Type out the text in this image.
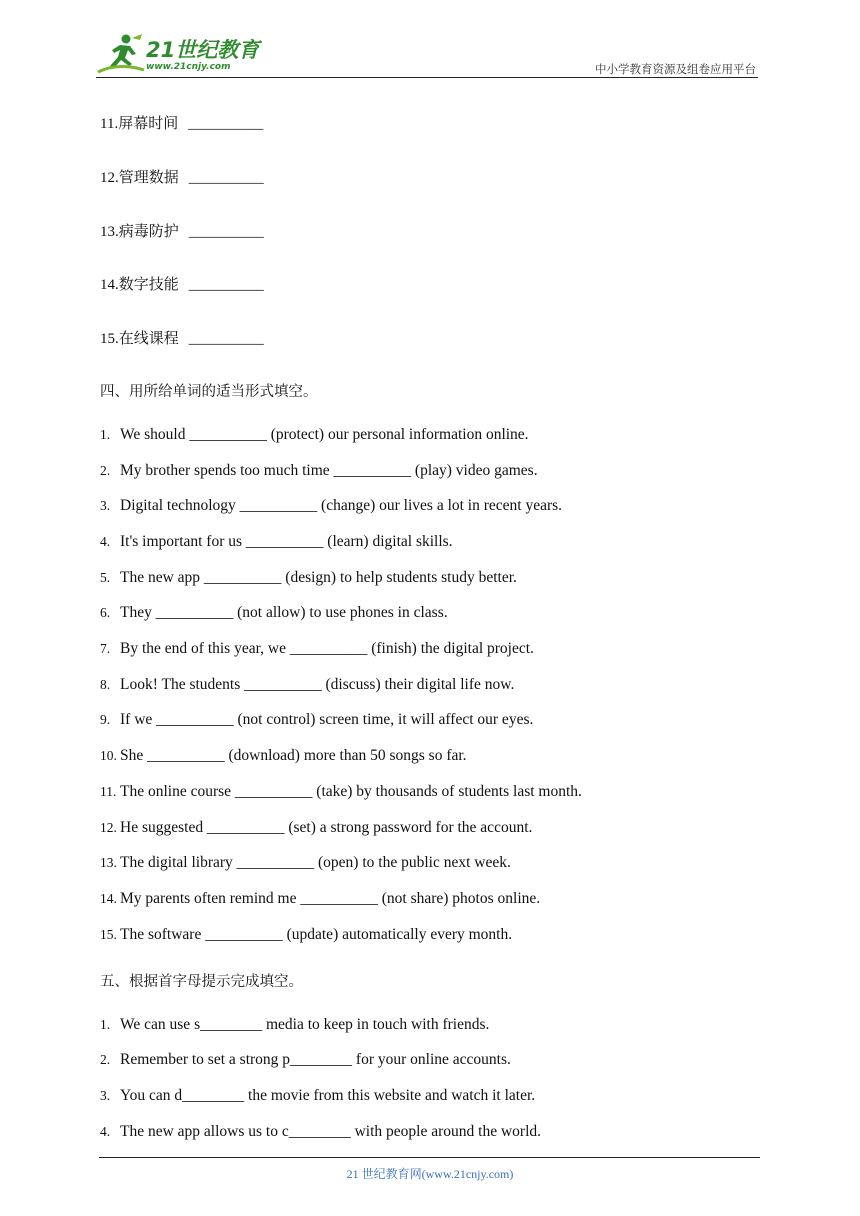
21世纪教育
www.21cnjy.com	中小学教育资源及组卷应用平台
11.屏幕时间 __________
12.管理数据 __________
13.病毒防护 __________
14.数字技能 __________
15.在线课程 __________
四、用所给单词的适当形式填空。
1. We should __________ (protect) our personal information online.
2. My brother spends too much time __________ (play) video games.
3. Digital technology __________ (change) our lives a lot in recent years.
4. It's important for us __________ (learn) digital skills.
5. The new app __________ (design) to help students study better.
6. They __________ (not allow) to use phones in class.
7. By the end of this year, we __________ (finish) the digital project.
8. Look! The students __________ (discuss) their digital life now.
9. If we __________ (not control) screen time, it will affect our eyes.
10. She __________ (download) more than 50 songs so far.
11. The online course __________ (take) by thousands of students last month.
12. He suggested __________ (set) a strong password for the account.
13. The digital library __________ (open) to the public next week.
14. My parents often remind me __________ (not share) photos online.
15. The software __________ (update) automatically every month.
五、根据首字母提示完成填空。
1. We can use s________ media to keep in touch with friends.
2. Remember to set a strong p________ for your online accounts.
3. You can d________ the movie from this website and watch it later.
4. The new app allows us to c________ with people around the world.
21 世纪教育网(www.21cnjy.com)
